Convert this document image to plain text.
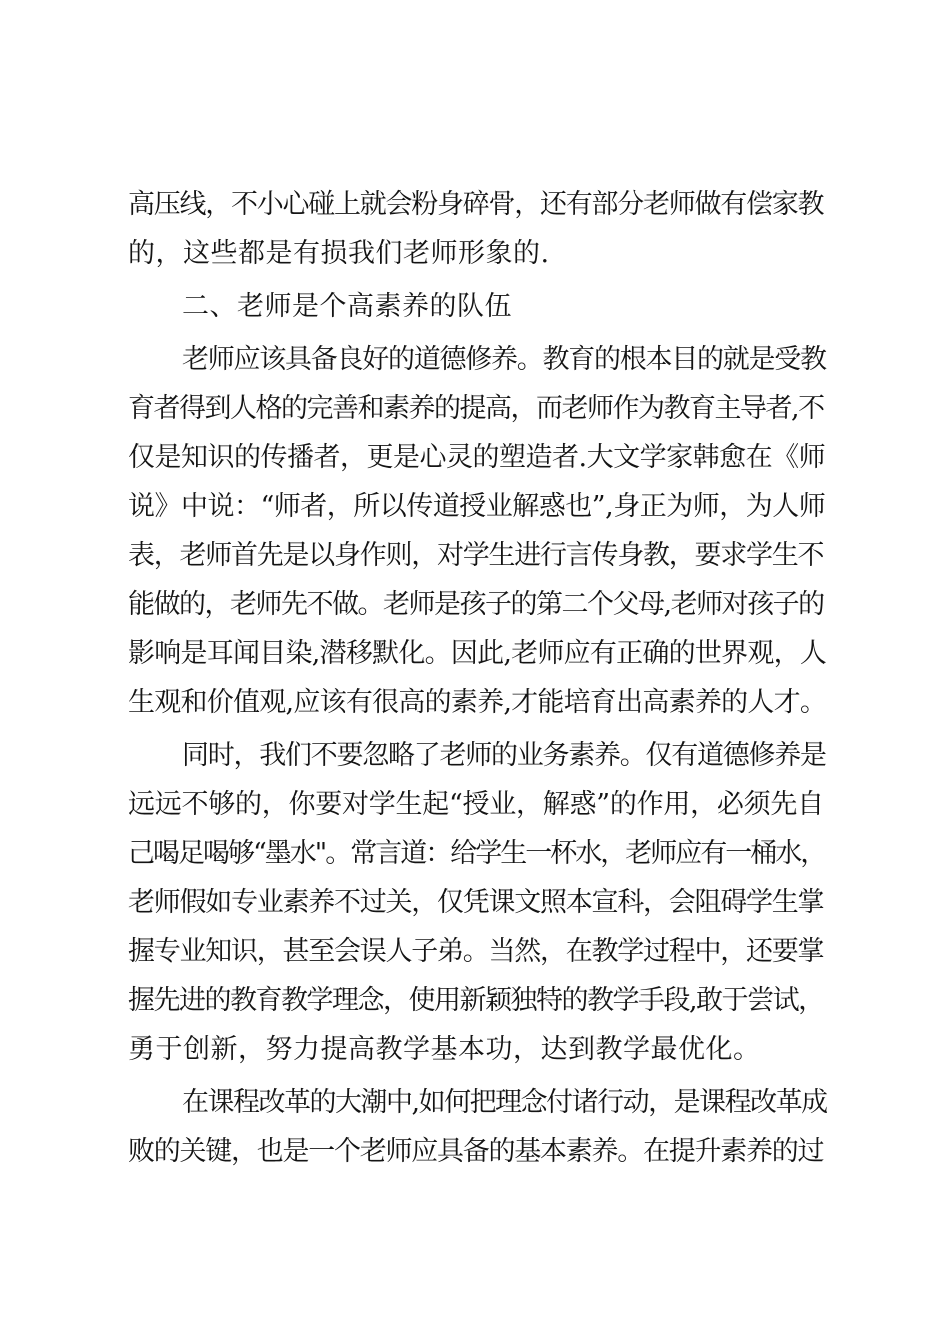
高压线，不小心碰上就会粉身碎骨，还有部分老师做有偿家教
的，这些都是有损我们老师形象的.
二、老师是个高素养的队伍
老师应该具备良好的道德修养。教育的根本目的就是受教
育者得到人格的完善和素养的提高，而老师作为教育主导者,不
仅是知识的传播者，更是心灵的塑造者.大文学家韩愈在《师
说》中说：“师者，所以传道授业解惑也”,身正为师，为人师
表，老师首先是以身作则，对学生进行言传身教，要求学生不
能做的，老师先不做。老师是孩子的第二个父母,老师对孩子的
影响是耳闻目染,潜移默化。因此,老师应有正确的世界观，人
生观和价值观,应该有很高的素养,才能培育出高素养的人才。
同时，我们不要忽略了老师的业务素养。仅有道德修养是
远远不够的，你要对学生起“授业，解惑”的作用，必须先自
己喝足喝够“墨水"。常言道：给学生一杯水，老师应有一桶水，
老师假如专业素养不过关，仅凭课文照本宣科，会阻碍学生掌
握专业知识，甚至会误人子弟。当然，在教学过程中，还要掌
握先进的教育教学理念，使用新颖独特的教学手段,敢于尝试，
勇于创新，努力提高教学基本功，达到教学最优化。
在课程改革的大潮中,如何把理念付诸行动，是课程改革成
败的关键，也是一个老师应具备的基本素养。在提升素养的过
